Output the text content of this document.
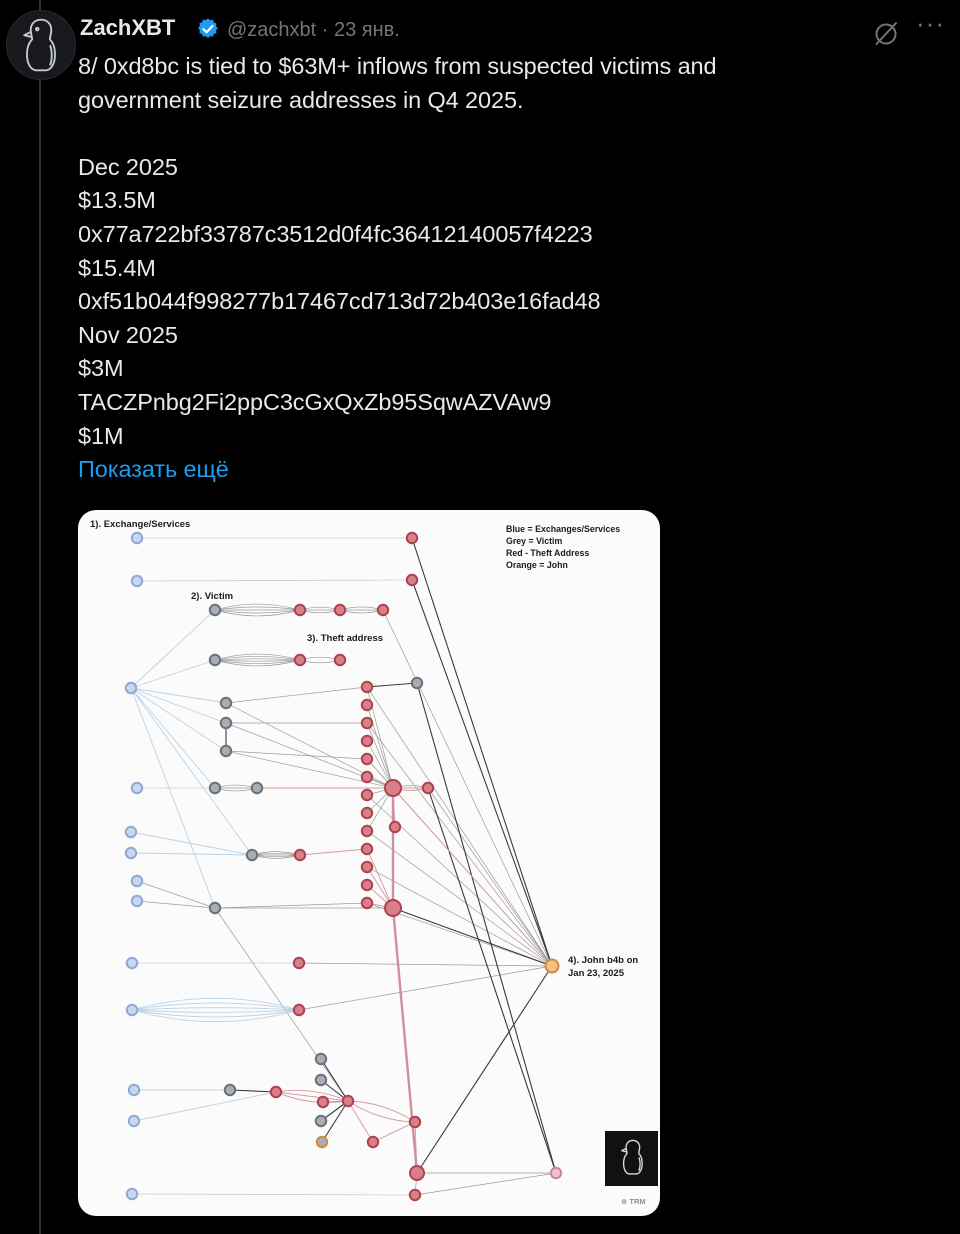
ZachXBT	@zachxbt · 23 янв.	···

8/ 0xd8bc is tied to $63M+ inflows from suspected victims and government seizure addresses in Q4 2025.

Dec 2025
$13.5M
0x77a722bf33787c3512d0f4fc36412140057f4223
$15.4M
0xf51b044f998277b17467cd713d72b403e16fad48
Nov 2025
$3M
TACZPnbg2Fi2ppC3cGxQxZb95SqwAZVAw9
$1M
Показать ещё
1). Exchange/Services
2). Victim
3). Theft address
4). John b4b on
Jan 23, 2025
Blue = Exchanges/Services
Grey = Victim
Red - Theft Address
Orange = John
⊕ TRM
